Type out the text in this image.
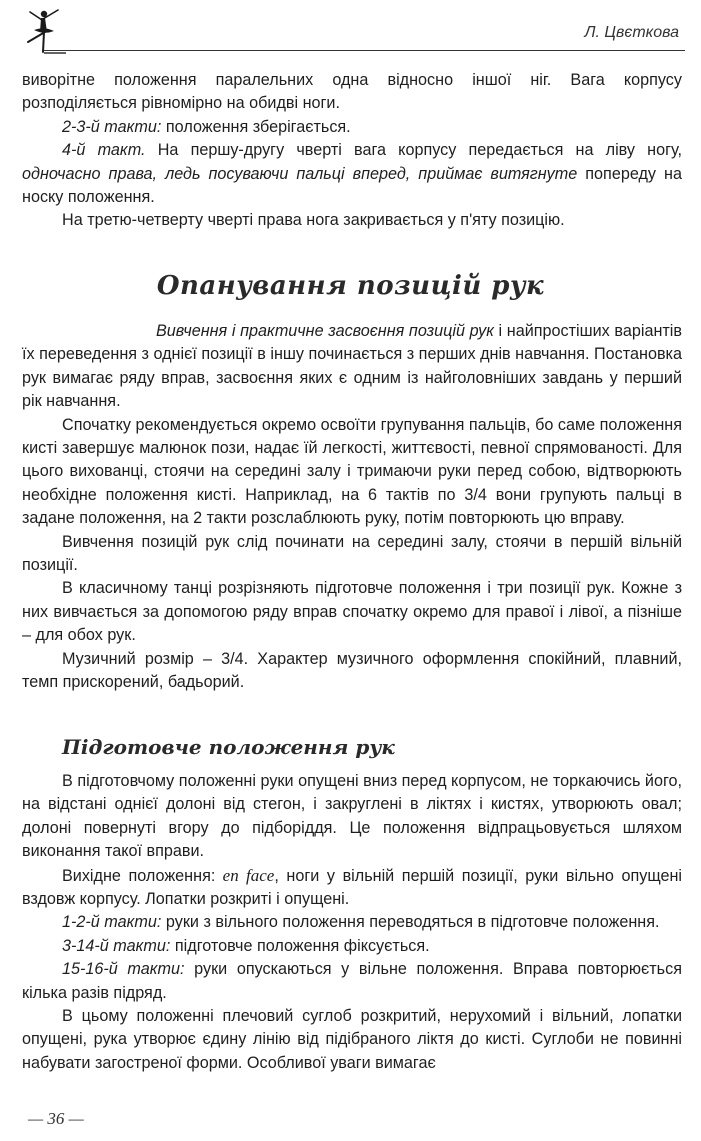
Л. Цвєткова

виворітне положення паралельних одна відносно іншої ніг. Вага корпусу розподіляється рівномірно на обидві ноги.

2-3-й такти: положення зберігається.

4-й такт. На першу-другу чверті вага корпусу передається на ліву ногу, одночасно права, ледь посуваючи пальці вперед, приймає витягнуте попереду на носку положення.

На третю-четверту чверті права нога закривається у п'яту позицію.

Опанування позицій рук

Вивчення і практичне засвоєння позицій рук і найпростіших варіантів їх переведення з однієї позиції в іншу починається з перших днів навчання. Постановка рук вимагає ряду вправ, засвоєння яких є одним із найголовніших завдань у перший рік навчання.

Спочатку рекомендується окремо освоїти групування пальців, бо саме положення кисті завершує малюнок пози, надає їй легкості, життєвості, певної спрямованості. Для цього вихованці, стоячи на середині залу і тримаючи руки перед собою, відтворюють необхідне положення кисті. Наприклад, на 6 тактів по 3/4 вони групують пальці в задане положення, на 2 такти розслаблюють руку, потім повторюють цю вправу.

Вивчення позицій рук слід починати на середині залу, стоячи в першій вільній позиції.

В класичному танці розрізняють підготовче положення і три позиції рук. Кожне з них вивчається за допомогою ряду вправ спочатку окремо для правої і лівої, а пізніше – для обох рук.

Музичний розмір – 3/4. Характер музичного оформлення спокійний, плавний, темп прискорений, бадьорий.

Підготовче положення рук

В підготовчому положенні руки опущені вниз перед корпусом, не торкаючись його, на відстані однієї долоні від стегон, і закруглені в ліктях і кистях, утворюють овал; долоні повернуті вгору до підборіддя. Це положення відпрацьовується шляхом виконання такої вправи.

Вихідне положення: en face, ноги у вільній першій позиції, руки вільно опущені вздовж корпусу. Лопатки розкриті і опущені.

1-2-й такти: руки з вільного положення переводяться в підготовче положення.

3-14-й такти: підготовче положення фіксується.

15-16-й такти: руки опускаються у вільне положення. Вправа повторюється кілька разів підряд.

В цьому положенні плечовий суглоб розкритий, нерухомий і вільний, лопатки опущені, рука утворює єдину лінію від підібраного ліктя до кисті. Суглоби не повинні набувати загостреної форми. Особливої уваги вимагає

— 36 —
